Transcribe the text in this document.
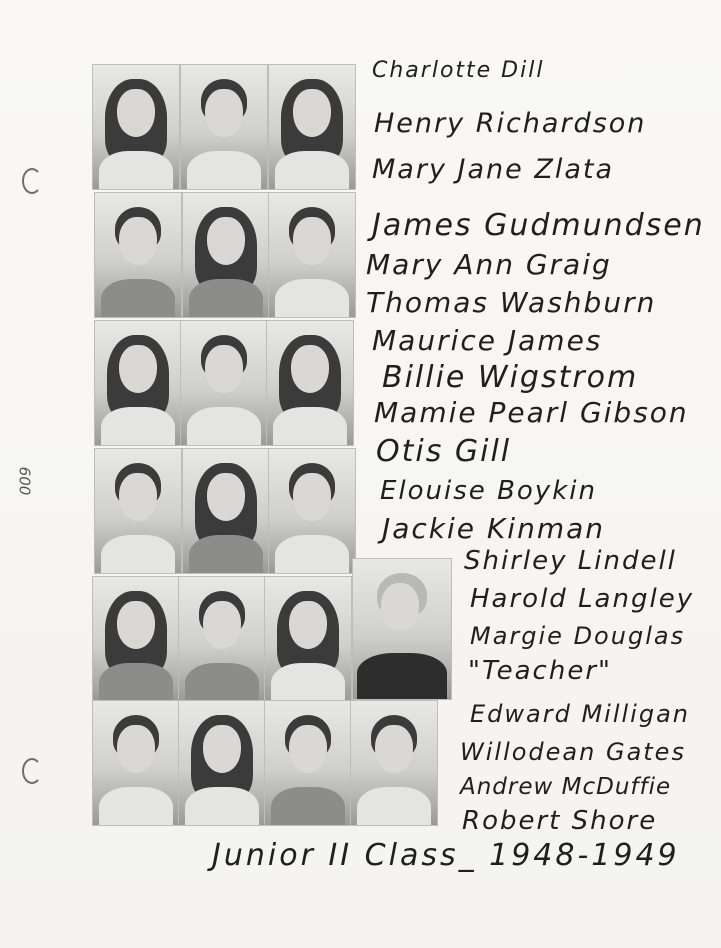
600
Charlotte Dill
Henry Richardson
Mary Jane Zlata
James Gudmundsen
Mary Ann Graig
Thomas Washburn
Maurice James
Billie Wigstrom
Mamie Pearl Gibson
Otis Gill
Elouise Boykin
Jackie Kinman
Shirley Lindell
Harold Langley
Margie Douglas
"Teacher"
Edward Milligan
Willodean Gates
Andrew McDuffie
Robert Shore
Junior II Class_ 1948-1949
